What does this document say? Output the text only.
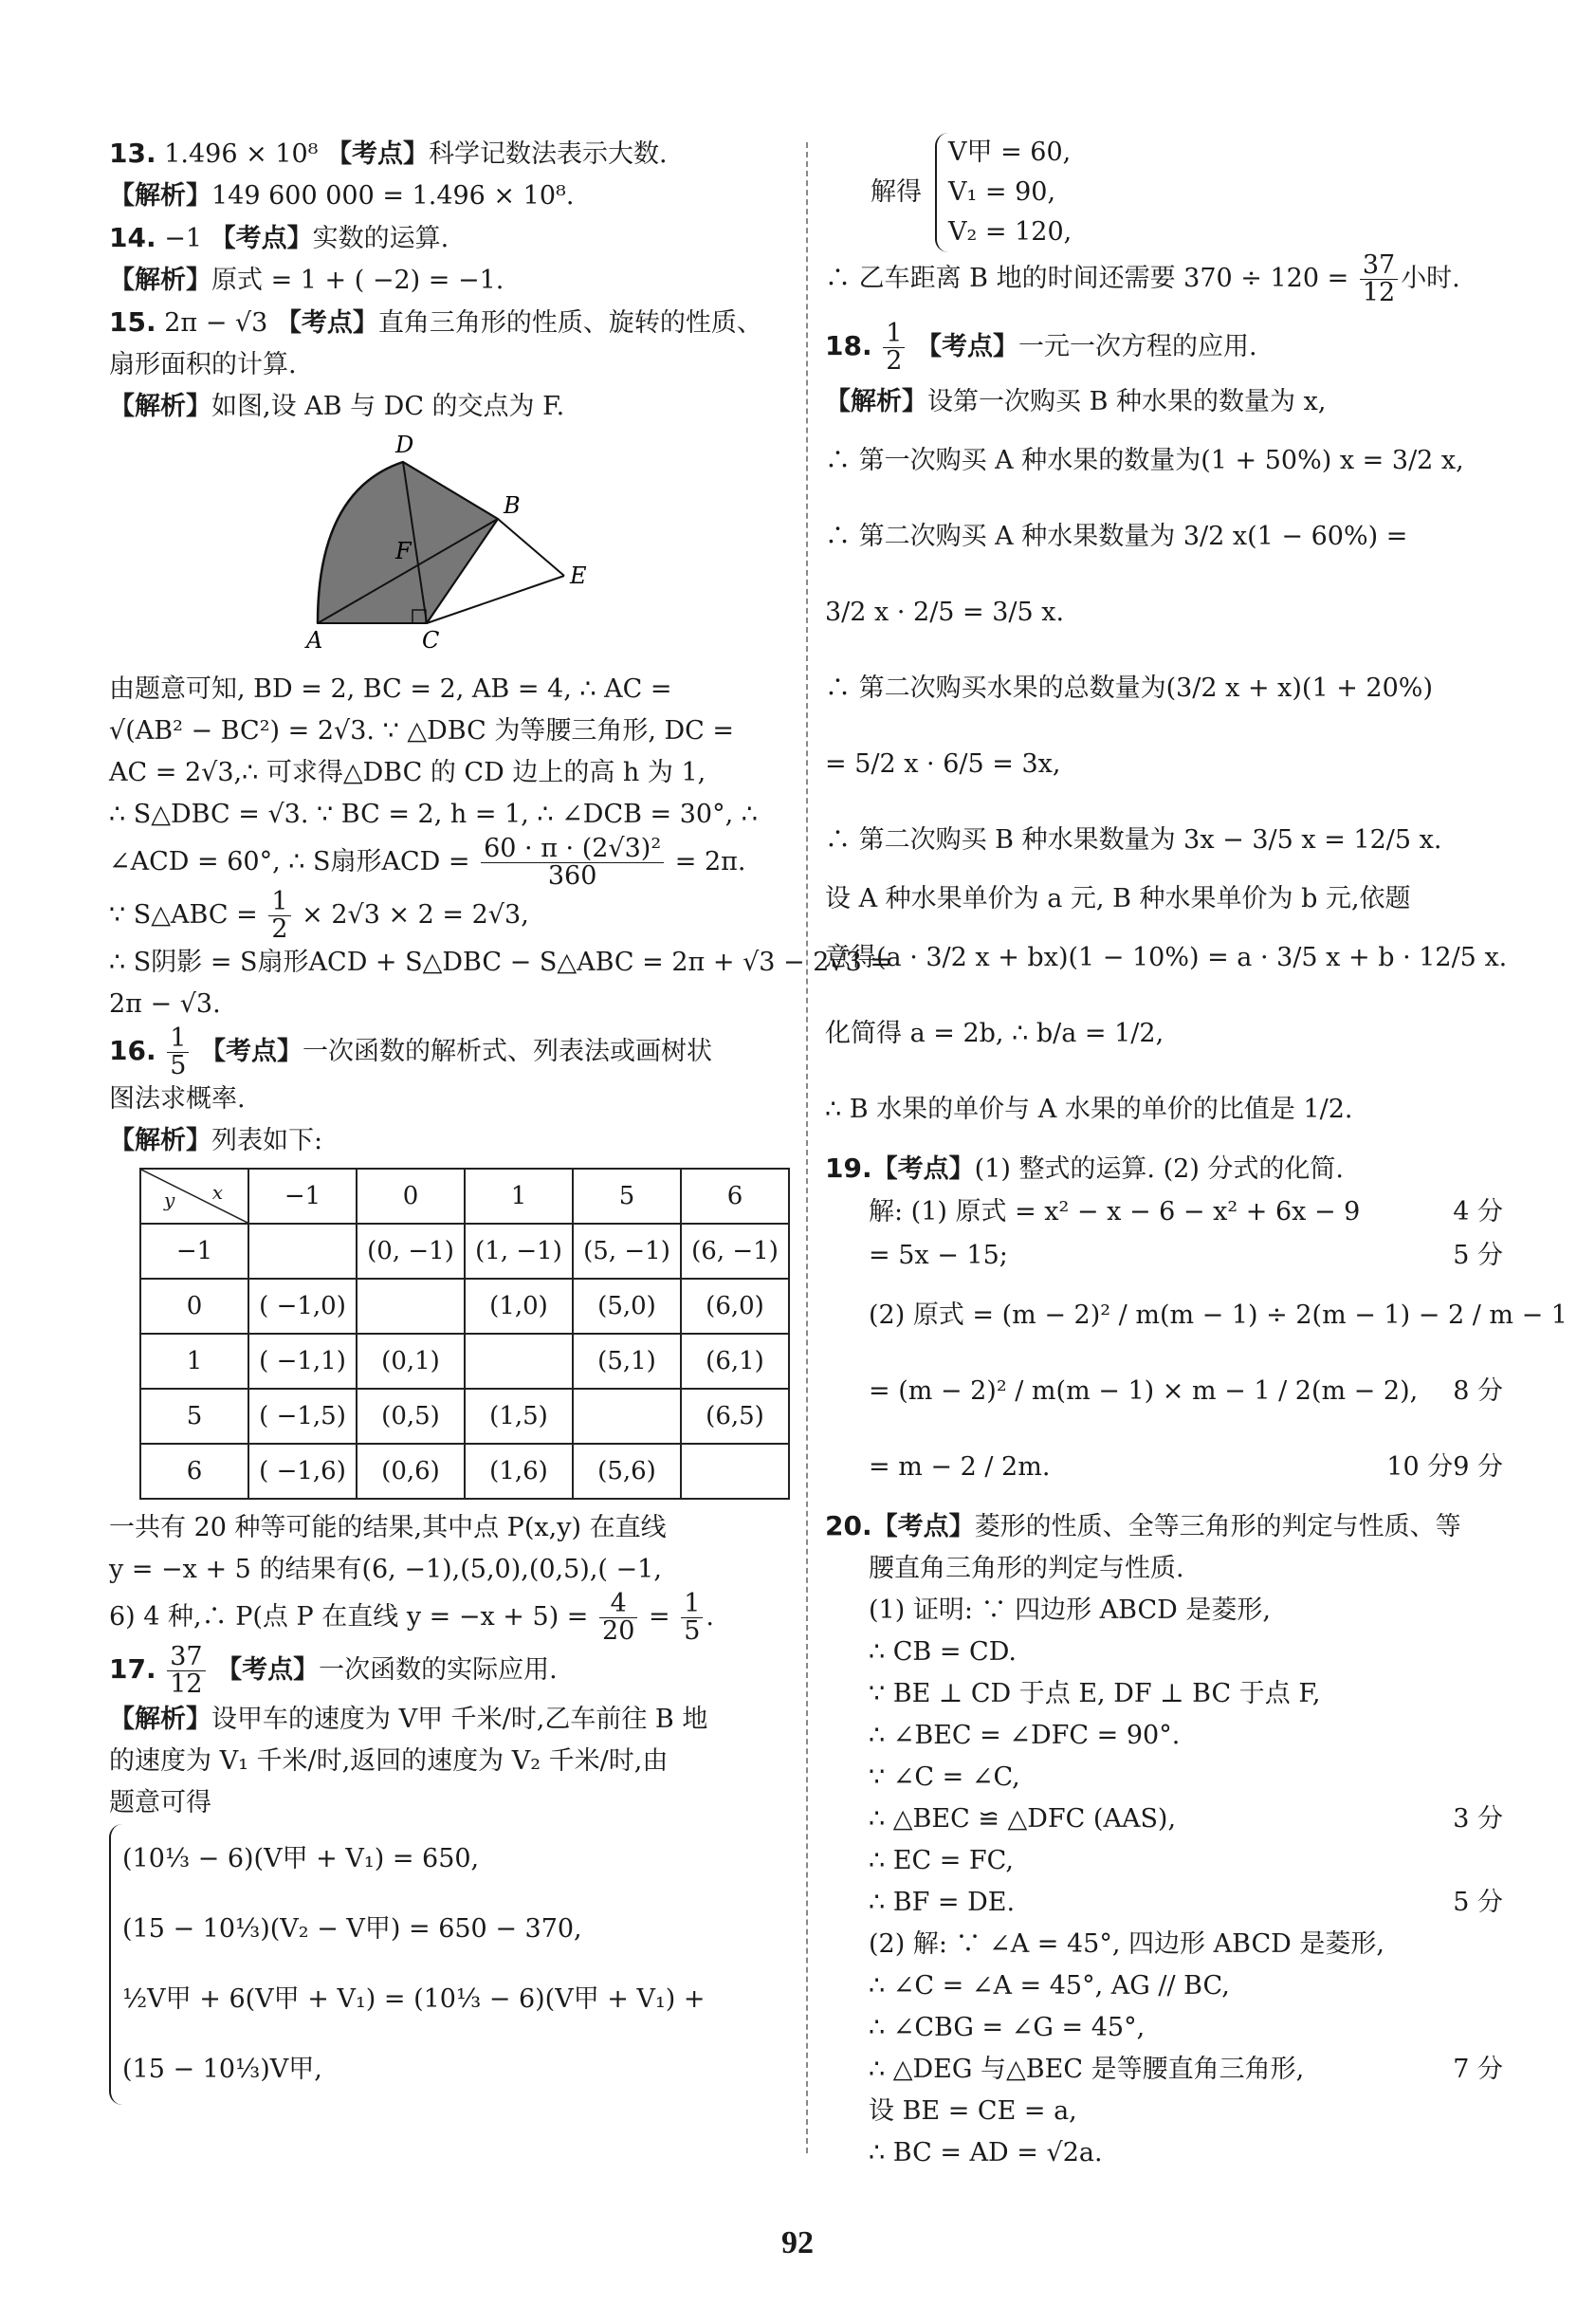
13. 1.496 × 10⁸ 【考点】科学记数法表示大数.
【解析】149 600 000 = 1.496 × 10⁸.
14. −1 【考点】实数的运算.
【解析】原式 = 1 + ( −2) = −1.
15. 2π − √3 【考点】直角三角形的性质、旋转的性质、
扇形面积的计算.
【解析】如图,设 AB 与 DC 的交点为 F.
D
B
F
E
A	C
由题意可知, BD = 2, BC = 2, AB = 4, ∴ AC =
√(AB² − BC²) = 2√3. ∵ △DBC 为等腰三角形, DC =
AC = 2√3,∴ 可求得△DBC 的 CD 边上的高 h 为 1,
∴ S△DBC = √3. ∵ BC = 2, h = 1, ∴ ∠DCB = 30°, ∴
∠ACD = 60°, ∴ S扇形ACD = $\frac{\text{60 · π · (2√3)²}}{360} = 2\pi$.
∵ S△ABC = $\frac{1}{2} \times 2√3 \times 2 = 2√3$,
∴ S阴影 = S扇形ACD + S△DBC − S△ABC = 2π + √3 − 2√3 =
2π − √3.
16. $\frac{1}{5}$ 【考点】一次函数的解析式、列表法或画树状
图法求概率.
【解析】列表如下:
x
y	−1	0	1	5	6
−1		(0, −1)	(1, −1)	(5, −1)	(6, −1)
0	( −1,0)		(1,0)	(5,0)	(6,0)
1	( −1,1)	(0,1)		(5,1)	(6,1)
5	( −1,5)	(0,5)	(1,5)		(6,5)
6	( −1,6)	(0,6)	(1,6)	(5,6)	
一共有 20 种等可能的结果,其中点 P(x,y) 在直线
y = −x + 5 的结果有(6, −1),(5,0),(0,5),( −1,
6) 4 种,∴ P(点 P 在直线 $y = -x + 5) = \frac{4}{20} = \frac{1}{5}$ .
17. $\frac{37}{12}$ 【考点】一次函数的实际应用.
【解析】设甲车的速度为 V甲 千米/时,乙车前往 B 地
的速度为 V₁ 千米/时,返回的速度为 V₂ 千米/时,由
题意可得
(10⅓ − 6)(V甲 + V₁) = 650,
(15 − 10⅓)(V₂ − V甲) = 650 − 370,
½V甲 + 6(V甲 + V₁) = (10⅓ − 6)(V甲 + V₁) +
(15 − 10⅓)V甲,
解得
V甲 = 60,
V₁ = 90,
V₂ = 120,
∴ 乙车距离 B 地的时间还需要 $370 \div 120 = \frac{37}{12}$ 小时.
18. $\frac{1}{2}$ 【考点】一元一次方程的应用.
【解析】设第一次购买 B 种水果的数量为 x,
∴ 第一次购买 A 种水果的数量为(1 + 50%) x = 3/2 x,
∴ 第二次购买 A 种水果数量为 3/2 x(1 − 60%) =
3/2 x · 2/5 = 3/5 x.
∴ 第二次购买水果的总数量为(3/2 x + x)(1 + 20%)
= 5/2 x · 6/5 = 3x,
∴ 第二次购买 B 种水果数量为 3x − 3/5 x = 12/5 x.
设 A 种水果单价为 a 元, B 种水果单价为 b 元,依题
意得(a · 3/2 x + bx)(1 − 10%) = a · 3/5 x + b · 12/5 x.
化简得 a = 2b, ∴ b/a = 1/2,
∴ B 水果的单价与 A 水果的单价的比值是 1/2.
19.【考点】(1) 整式的运算. (2) 分式的化简.
解: (1) 原式 = x² − x − 6 − x² + 6x − 9	4 分
= 5x − 15;	5 分
(2) 原式 = (m − 2)² / m(m − 1) ÷ 2(m − 1) − 2 / m − 1
8 分
= (m − 2)² / m(m − 1) × m − 1 / 2(m − 2),
9 分
= m − 2 / 2m.	10 分
20.【考点】菱形的性质、全等三角形的判定与性质、等
腰直角三角形的判定与性质.
(1) 证明: ∵ 四边形 ABCD 是菱形,
∴ CB = CD.
∵ BE ⊥ CD 于点 E, DF ⊥ BC 于点 F,
∴ ∠BEC = ∠DFC = 90°.
∵ ∠C = ∠C,
∴ △BEC ≌ △DFC (AAS),	3 分
∴ EC = FC,
∴ BF = DE.	5 分
(2) 解: ∵ ∠A = 45°, 四边形 ABCD 是菱形,
∴ ∠C = ∠A = 45°, AG // BC,
∴ ∠CBG = ∠G = 45°,
∴ △DEG 与△BEC 是等腰直角三角形,	7 分
设 BE = CE = a,
∴ BC = AD = √2a.
92
